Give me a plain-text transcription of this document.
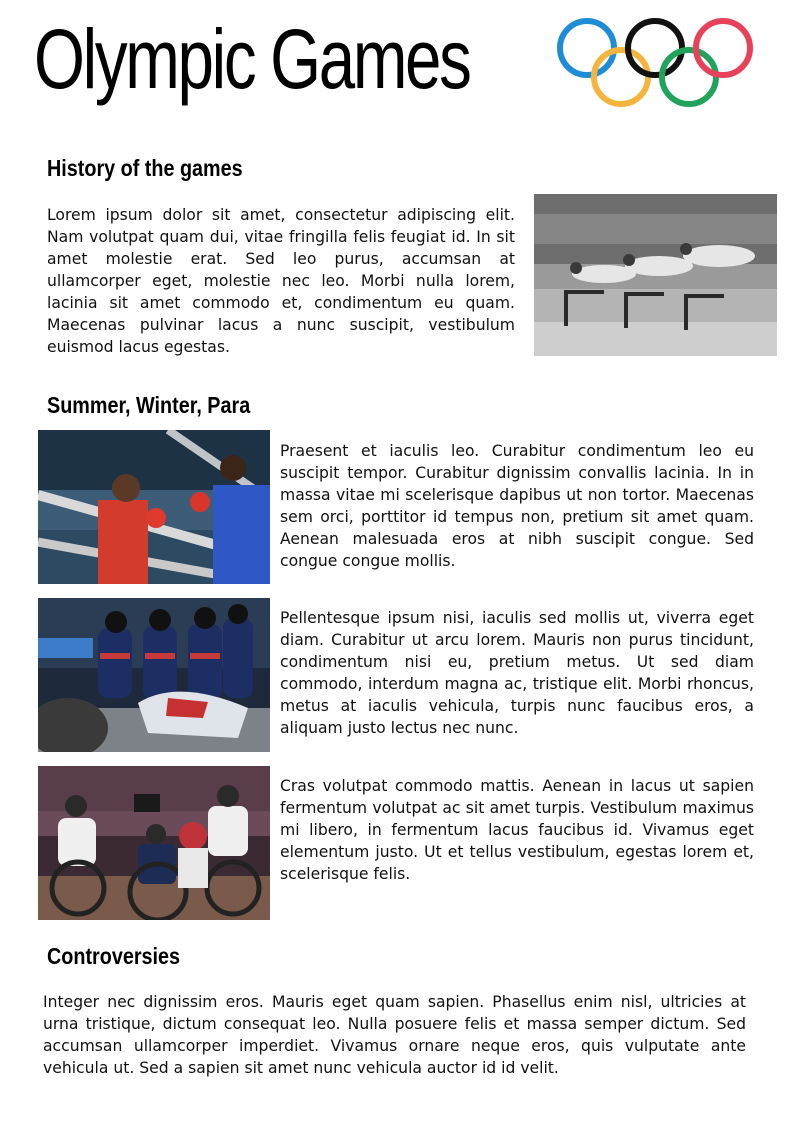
Olympic Games
History of the games

Lorem ipsum dolor sit amet, consectetur adipiscing elit. Nam volutpat quam dui, vitae fringilla felis feugiat id. In sit amet molestie erat. Sed leo purus, accumsan at ullamcorper eget, molestie nec leo. Morbi nulla lorem, lacinia sit amet commodo et, condimentum eu quam. Maecenas pulvinar lacus a nunc suscipit, vestibulum euismod lacus egestas.

Summer, Winter, Para

Praesent et iaculis leo. Curabitur condimentum leo eu suscipit tempor. Curabitur dignissim convallis lacinia. In in massa vitae mi scelerisque dapibus ut non tortor. Maecenas sem orci, porttitor id tempus non, pretium sit amet quam. Aenean malesuada eros at nibh suscipit congue. Sed congue congue mollis.

Pellentesque ipsum nisi, iaculis sed mollis ut, viverra eget diam. Curabitur ut arcu lorem. Mauris non purus tincidunt, condimentum nisi eu, pretium metus. Ut sed diam commodo, interdum magna ac, tristique elit. Morbi rhoncus, metus at iaculis vehicula, turpis nunc faucibus eros, a aliquam justo lectus nec nunc.

Cras volutpat commodo mattis. Aenean in lacus ut sapien fermentum volutpat ac sit amet turpis. Vestibulum maximus mi libero, in fermentum lacus faucibus id. Vivamus eget elementum justo. Ut et tellus vestibulum, egestas lorem et, scelerisque felis.

Controversies

Integer nec dignissim eros. Mauris eget quam sapien. Phasellus enim nisl, ultricies at urna tristique, dictum consequat leo. Nulla posuere felis et massa semper dictum. Sed accumsan ullamcorper imperdiet. Vivamus ornare neque eros, quis vulputate ante vehicula ut. Sed a sapien sit amet nunc vehicula auctor id id velit.
